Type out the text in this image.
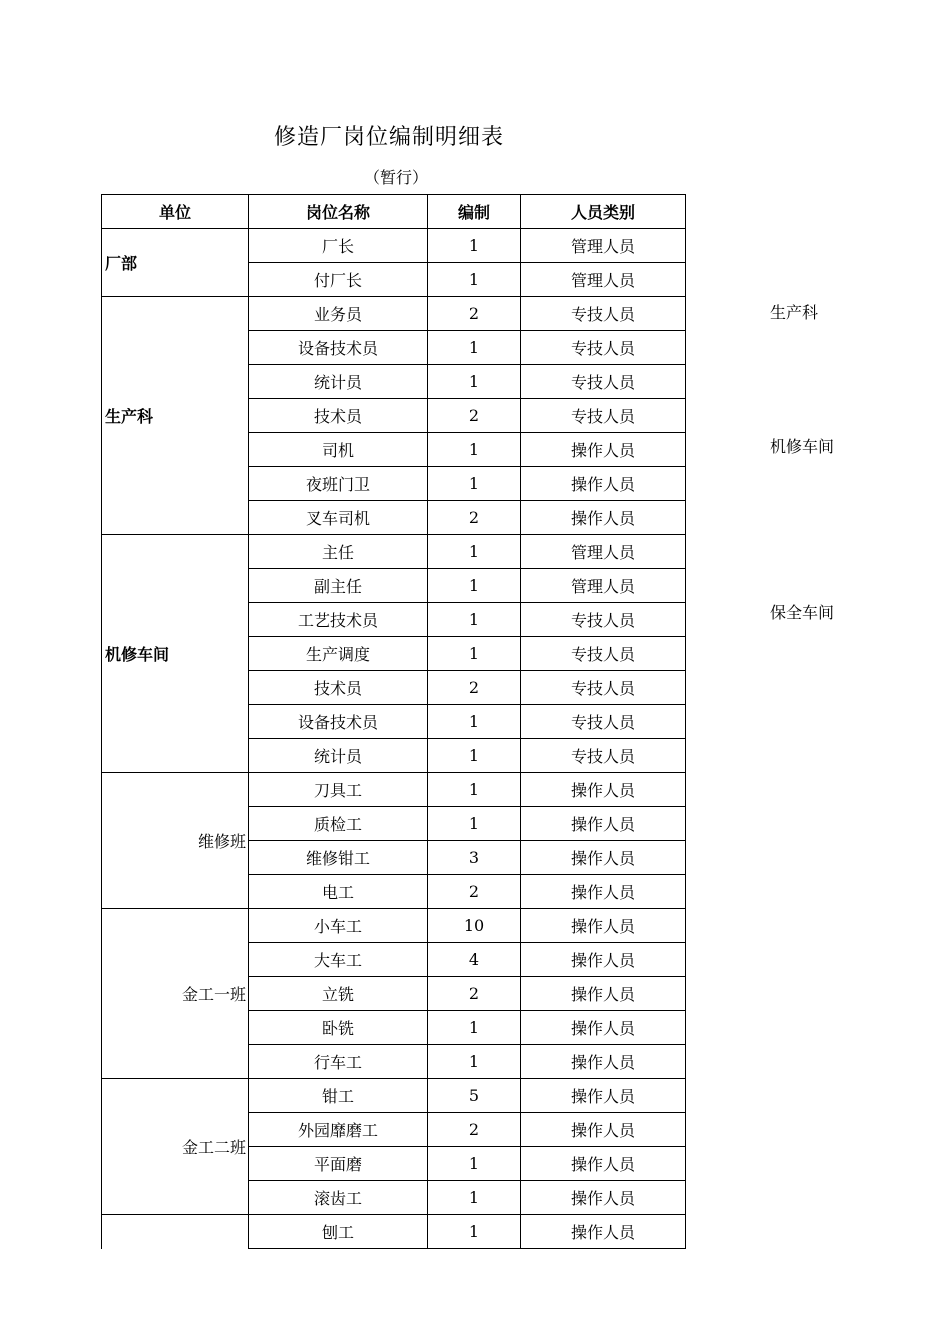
修造厂岗位编制明细表
（暂行）
单位	岗位名称	编制	人员类别
厂部	厂长	1	管理人员
	付厂长	1	管理人员
生产科	业务员	2	专技人员
	设备技术员	1	专技人员
	统计员	1	专技人员
	技术员	2	专技人员
	司机	1	操作人员
	夜班门卫	1	操作人员
	叉车司机	2	操作人员
机修车间	主任	1	管理人员
	副主任	1	管理人员
	工艺技术员	1	专技人员
	生产调度	1	专技人员
	技术员	2	专技人员
	设备技术员	1	专技人员
	统计员	1	专技人员
维修班	刀具工	1	操作人员
	质检工	1	操作人员
	维修钳工	3	操作人员
	电工	2	操作人员
金工一班	小车工	10	操作人员
	大车工	4	操作人员
	立铣	2	操作人员
	卧铣	1	操作人员
	行车工	1	操作人员
金工二班	钳工	5	操作人员
	外园靡磨工	2	操作人员
	平面磨	1	操作人员
	滚齿工	1	操作人员
	刨工	1	操作人员
生产科
机修车间
保全车间
